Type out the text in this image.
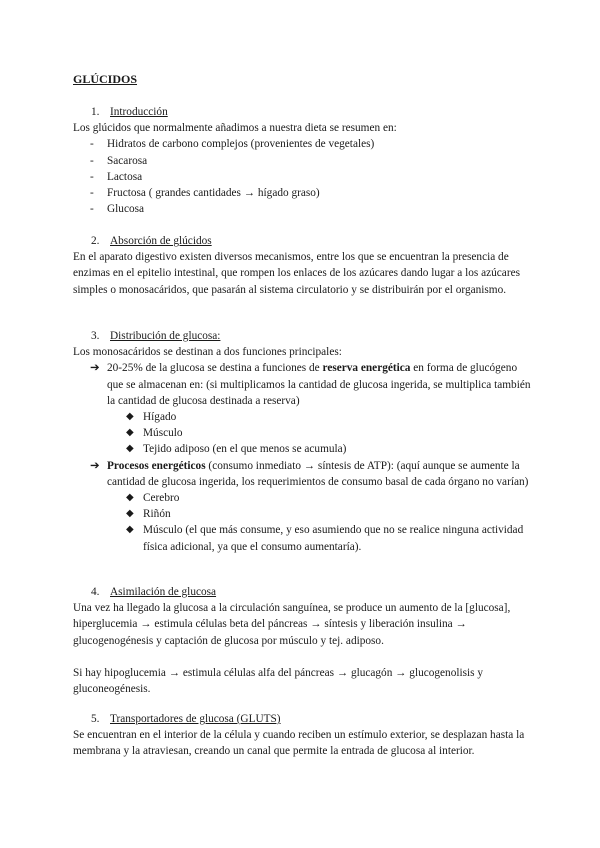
GLÚCIDOS
1. Introducción

Los glúcidos que normalmente añadimos a nuestra dieta se resumen en:

-	Hidratos de carbono complejos (provenientes de vegetales)
-	Sacarosa
-	Lactosa
-	Fructosa ( grandes cantidades → hígado graso)
-	Glucosa
2. Absorción de glúcidos

En el aparato digestivo existen diversos mecanismos, entre los que se encuentran la presencia de enzimas en el epitelio intestinal, que rompen los enlaces de los azúcares dando lugar a los azúcares simples o monosacáridos, que pasarán al sistema circulatorio y se distribuirán por el organismo.

3. Distribución de glucosa:

Los monosacáridos se destinan a dos funciones principales:

➔ 20-25% de la glucosa se destina a funciones de reserva energética en forma de glucógeno que se almacenan en: (si multiplicamos la cantidad de glucosa ingerida, se multiplica también la cantidad de glucosa destinada a reserva)
◆ Hígado
◆ Músculo
◆ Tejido adiposo (en el que menos se acumula)
➔ Procesos energéticos (consumo inmediato → síntesis de ATP): (aquí aunque se aumente la cantidad de glucosa ingerida, los requerimientos de consumo basal de cada órgano no varían)
◆ Cerebro
◆ Riñón
◆ Músculo (el que más consume, y eso asumiendo que no se realice ninguna actividad física adicional, ya que el consumo aumentaría).
4. Asimilación de glucosa

Una vez ha llegado la glucosa a la circulación sanguínea, se produce un aumento de la [glucosa], hiperglucemia → estimula células beta del páncreas → síntesis y liberación insulina → glucogenogénesis y captación de glucosa por músculo y tej. adiposo.

Si hay hipoglucemia → estimula células alfa del páncreas → glucagón → glucogenolisis y gluconeogénesis.

5. Transportadores de glucosa (GLUTS)

Se encuentran en el interior de la célula y cuando reciben un estímulo exterior, se desplazan hasta la membrana y la atraviesan, creando un canal que permite la entrada de glucosa al interior.
